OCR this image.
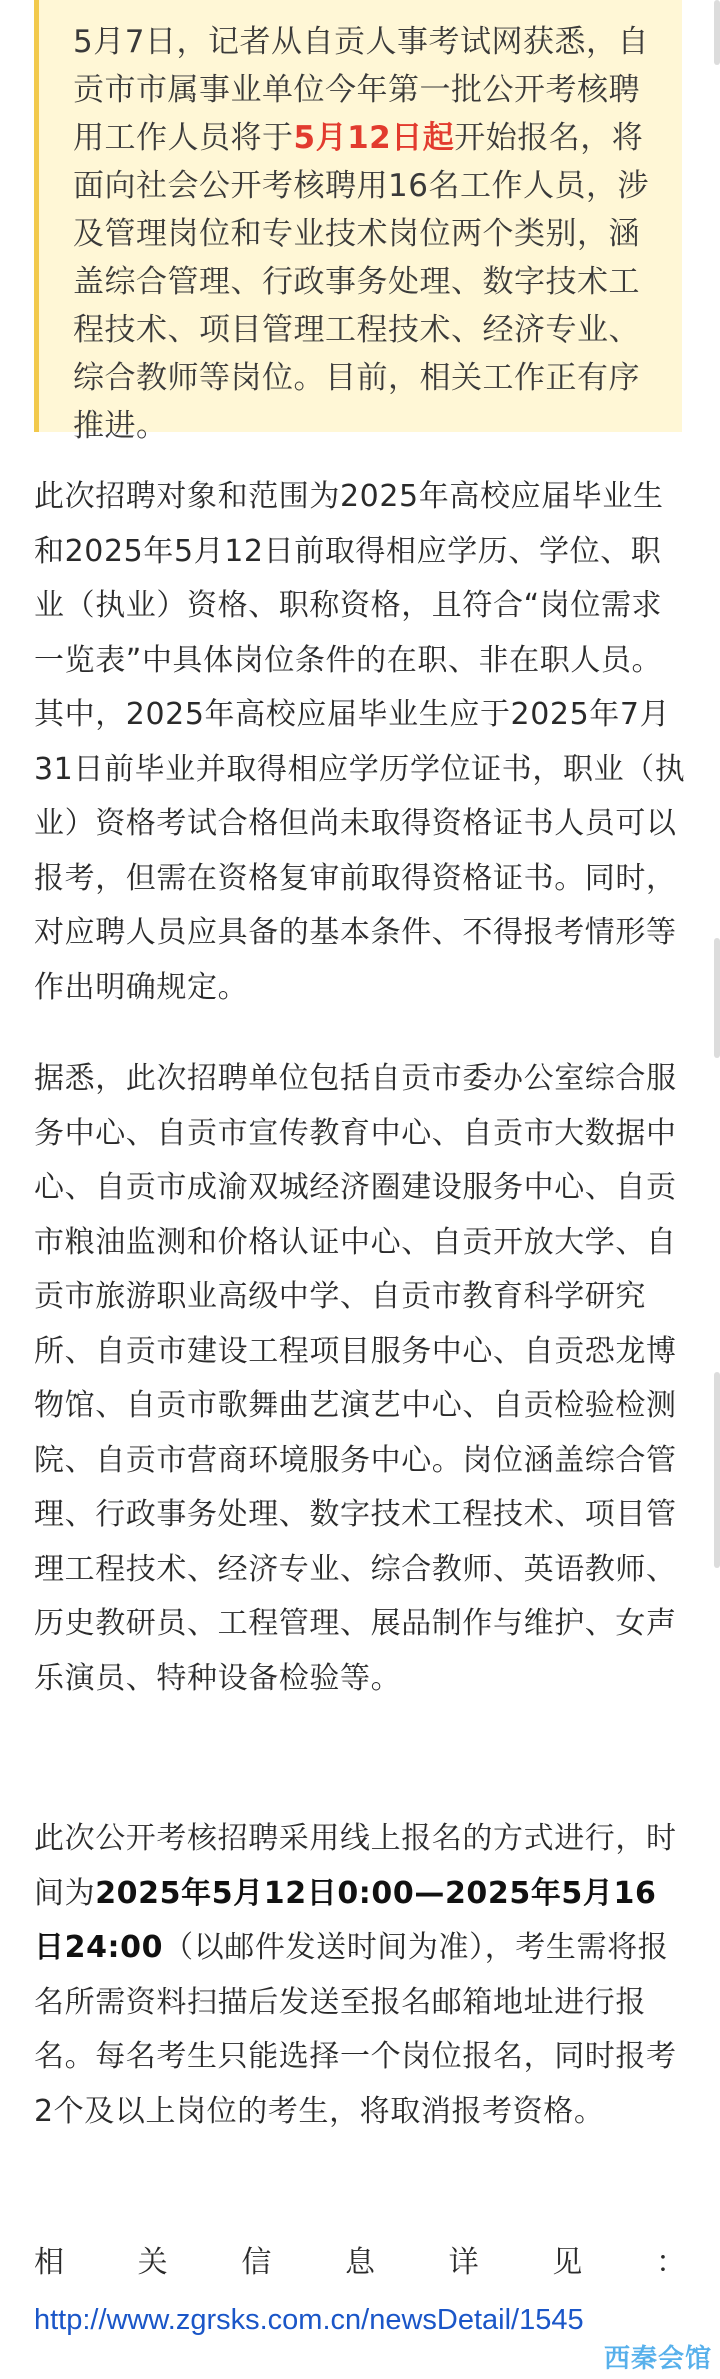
5月7日，记者从自贡人事考试网获悉，自贡市市属事业单位今年第一批公开考核聘用工作人员将于5月12日起开始报名，将面向社会公开考核聘用16名工作人员，涉及管理岗位和专业技术岗位两个类别，涵盖综合管理、行政事务处理、数字技术工程技术、项目管理工程技术、经济专业、综合教师等岗位。目前，相关工作正有序推进。

此次招聘对象和范围为2025年高校应届毕业生和2025年5月12日前取得相应学历、学位、职业（执业）资格、职称资格，且符合“岗位需求一览表”中具体岗位条件的在职、非在职人员。其中，2025年高校应届毕业生应于2025年7月31日前毕业并取得相应学历学位证书，职业（执业）资格考试合格但尚未取得资格证书人员可以报考，但需在资格复审前取得资格证书。同时，对应聘人员应具备的基本条件、不得报考情形等作出明确规定。

据悉，此次招聘单位包括自贡市委办公室综合服务中心、自贡市宣传教育中心、自贡市大数据中心、自贡市成渝双城经济圈建设服务中心、自贡市粮油监测和价格认证中心、自贡开放大学、自贡市旅游职业高级中学、自贡市教育科学研究所、自贡市建设工程项目服务中心、自贡恐龙博物馆、自贡市歌舞曲艺演艺中心、自贡检验检测院、自贡市营商环境服务中心。岗位涵盖综合管理、行政事务处理、数字技术工程技术、项目管理工程技术、经济专业、综合教师、英语教师、历史教研员、工程管理、展品制作与维护、女声乐演员、特种设备检验等。

此次公开考核招聘采用线上报名的方式进行，时间为2025年5月12日0:00—2025年5月16日24:00（以邮件发送时间为准），考生需将报名所需资料扫描后发送至报名邮箱地址进行报名。每名考生只能选择一个岗位报名，同时报考2个及以上岗位的考生，将取消报考资格。

相 关 信 息 详 见 ：
http://www.zgrsks.com.cn/newsDetail/1545
西秦会馆
